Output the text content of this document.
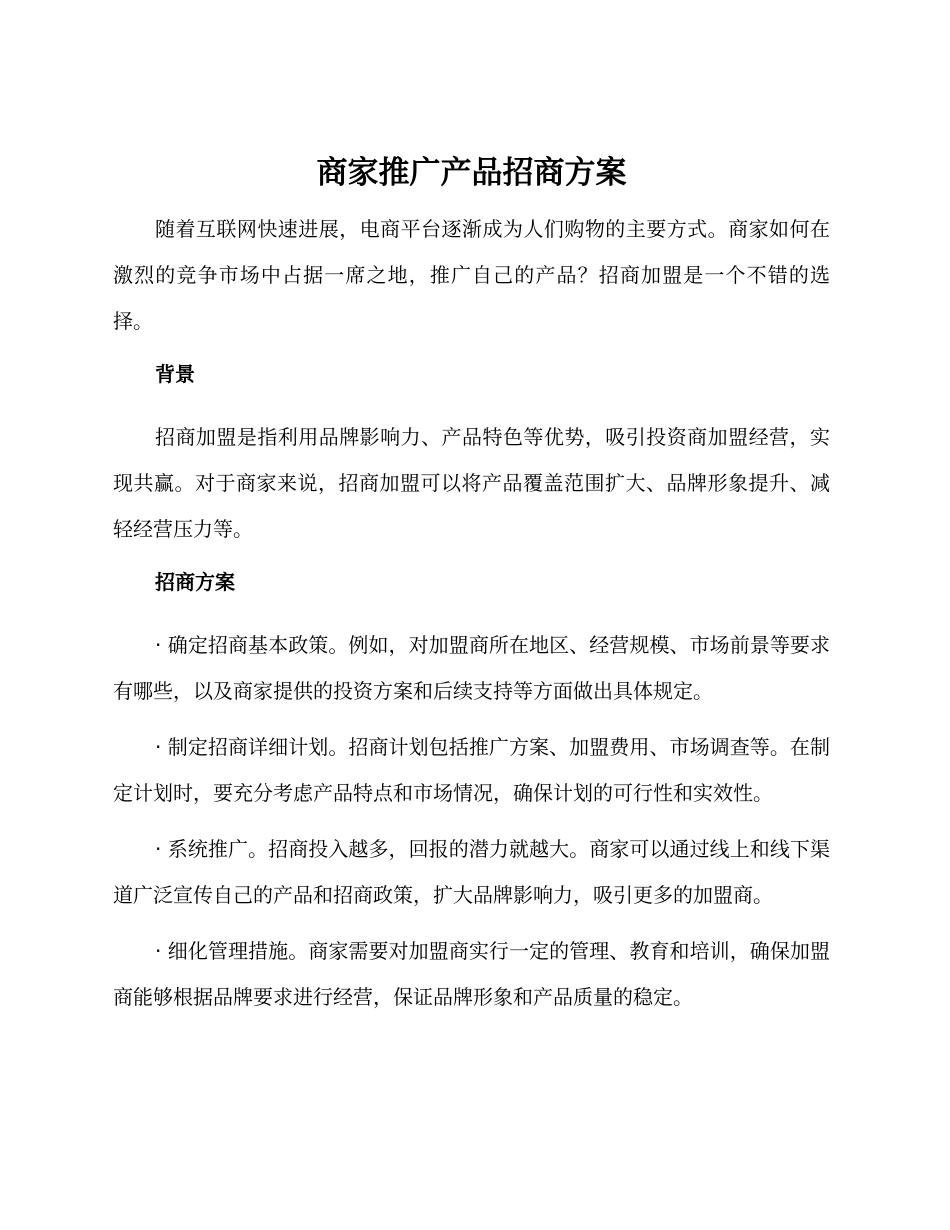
商家推广产品招商方案

随着互联网快速进展，电商平台逐渐成为人们购物的主要方式。商家如何在激烈的竞争市场中占据一席之地，推广自己的产品？招商加盟是一个不错的选择。

背景

招商加盟是指利用品牌影响力、产品特色等优势，吸引投资商加盟经营，实现共赢。对于商家来说，招商加盟可以将产品覆盖范围扩大、品牌形象提升、减轻经营压力等。

招商方案

· 确定招商基本政策。例如，对加盟商所在地区、经营规模、市场前景等要求有哪些，以及商家提供的投资方案和后续支持等方面做出具体规定。

· 制定招商详细计划。招商计划包括推广方案、加盟费用、市场调查等。在制定计划时，要充分考虑产品特点和市场情况，确保计划的可行性和实效性。

· 系统推广。招商投入越多，回报的潜力就越大。商家可以通过线上和线下渠道广泛宣传自己的产品和招商政策，扩大品牌影响力，吸引更多的加盟商。

· 细化管理措施。商家需要对加盟商实行一定的管理、教育和培训，确保加盟商能够根据品牌要求进行经营，保证品牌形象和产品质量的稳定。
